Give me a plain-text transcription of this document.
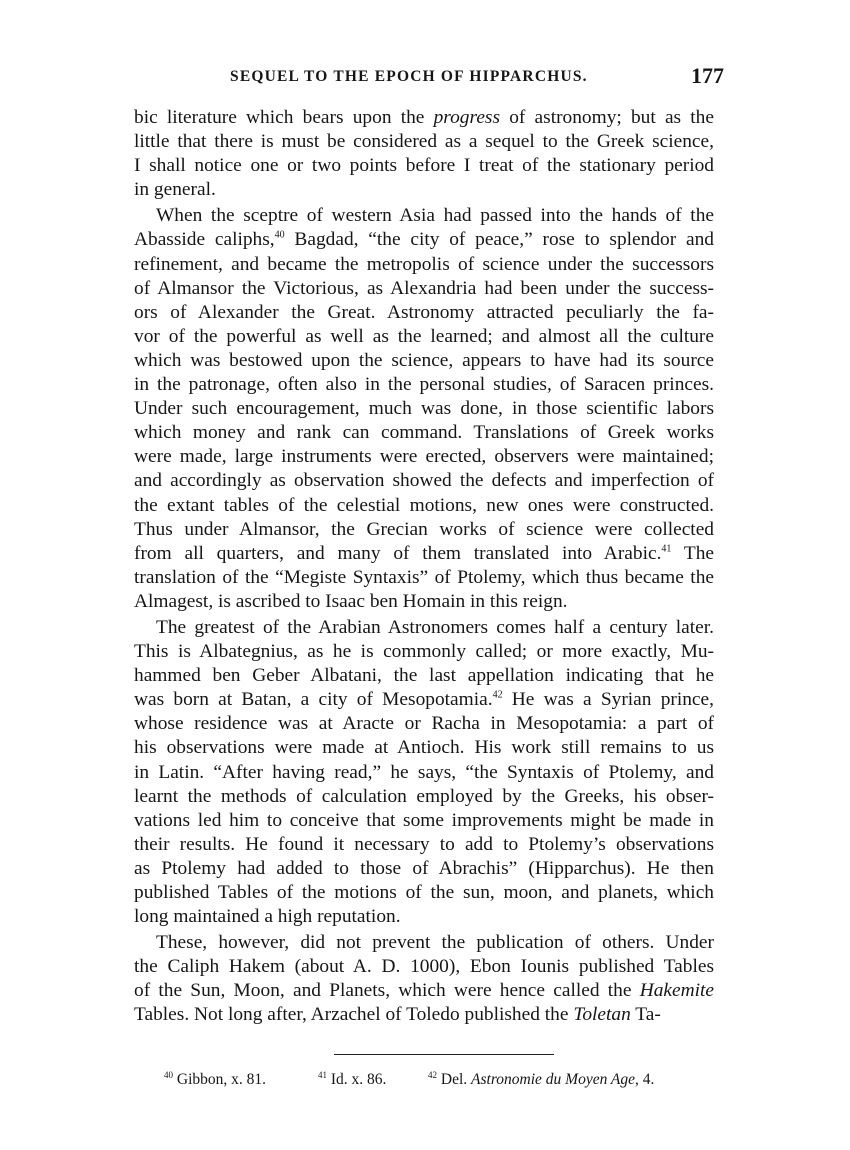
SEQUEL TO THE EPOCH OF HIPPARCHUS.	177
bic literature which bears upon the progress of astronomy; but as the
little that there is must be considered as a sequel to the Greek science,
I shall notice one or two points before I treat of the stationary period
in general.
When the sceptre of western Asia had passed into the hands of the
Abasside caliphs,$^{40}$ Bagdad, “the city of peace,” rose to splendor and
refinement, and became the metropolis of science under the successors
of Almansor the Victorious, as Alexandria had been under the success-
ors of Alexander the Great. Astronomy attracted peculiarly the fa-
vor of the powerful as well as the learned; and almost all the culture
which was bestowed upon the science, appears to have had its source
in the patronage, often also in the personal studies, of Saracen princes.
Under such encouragement, much was done, in those scientific labors
which money and rank can command. Translations of Greek works
were made, large instruments were erected, observers were maintained;
and accordingly as observation showed the defects and imperfection of
the extant tables of the celestial motions, new ones were constructed.
Thus under Almansor, the Grecian works of science were collected
from all quarters, and many of them translated into Arabic.$^{41}$ The
translation of the “Megiste Syntaxis” of Ptolemy, which thus became the
Almagest, is ascribed to Isaac ben Homain in this reign.
The greatest of the Arabian Astronomers comes half a century later.
This is Albategnius, as he is commonly called; or more exactly, Mu-
hammed ben Geber Albatani, the last appellation indicating that he
was born at Batan, a city of Mesopotamia.$^{42}$ He was a Syrian prince,
whose residence was at Aracte or Racha in Mesopotamia: a part of
his observations were made at Antioch. His work still remains to us
in Latin. “After having read,” he says, “the Syntaxis of Ptolemy, and
learnt the methods of calculation employed by the Greeks, his obser-
vations led him to conceive that some improvements might be made in
their results. He found it necessary to add to Ptolemy’s observations
as Ptolemy had added to those of Abrachis” (Hipparchus). He then
published Tables of the motions of the sun, moon, and planets, which
long maintained a high reputation.
These, however, did not prevent the publication of others. Under
the Caliph Hakem (about A. D. 1000), Ebon Iounis published Tables
of the Sun, Moon, and Planets, which were hence called the Hakemite
Tables. Not long after, Arzachel of Toledo published the Toletan Ta-
$^{40}$ Gibbon, x. 81.	$^{41}$ Id. x. 86.	$^{42}$ Del. Astronomie du Moyen Age, 4.
